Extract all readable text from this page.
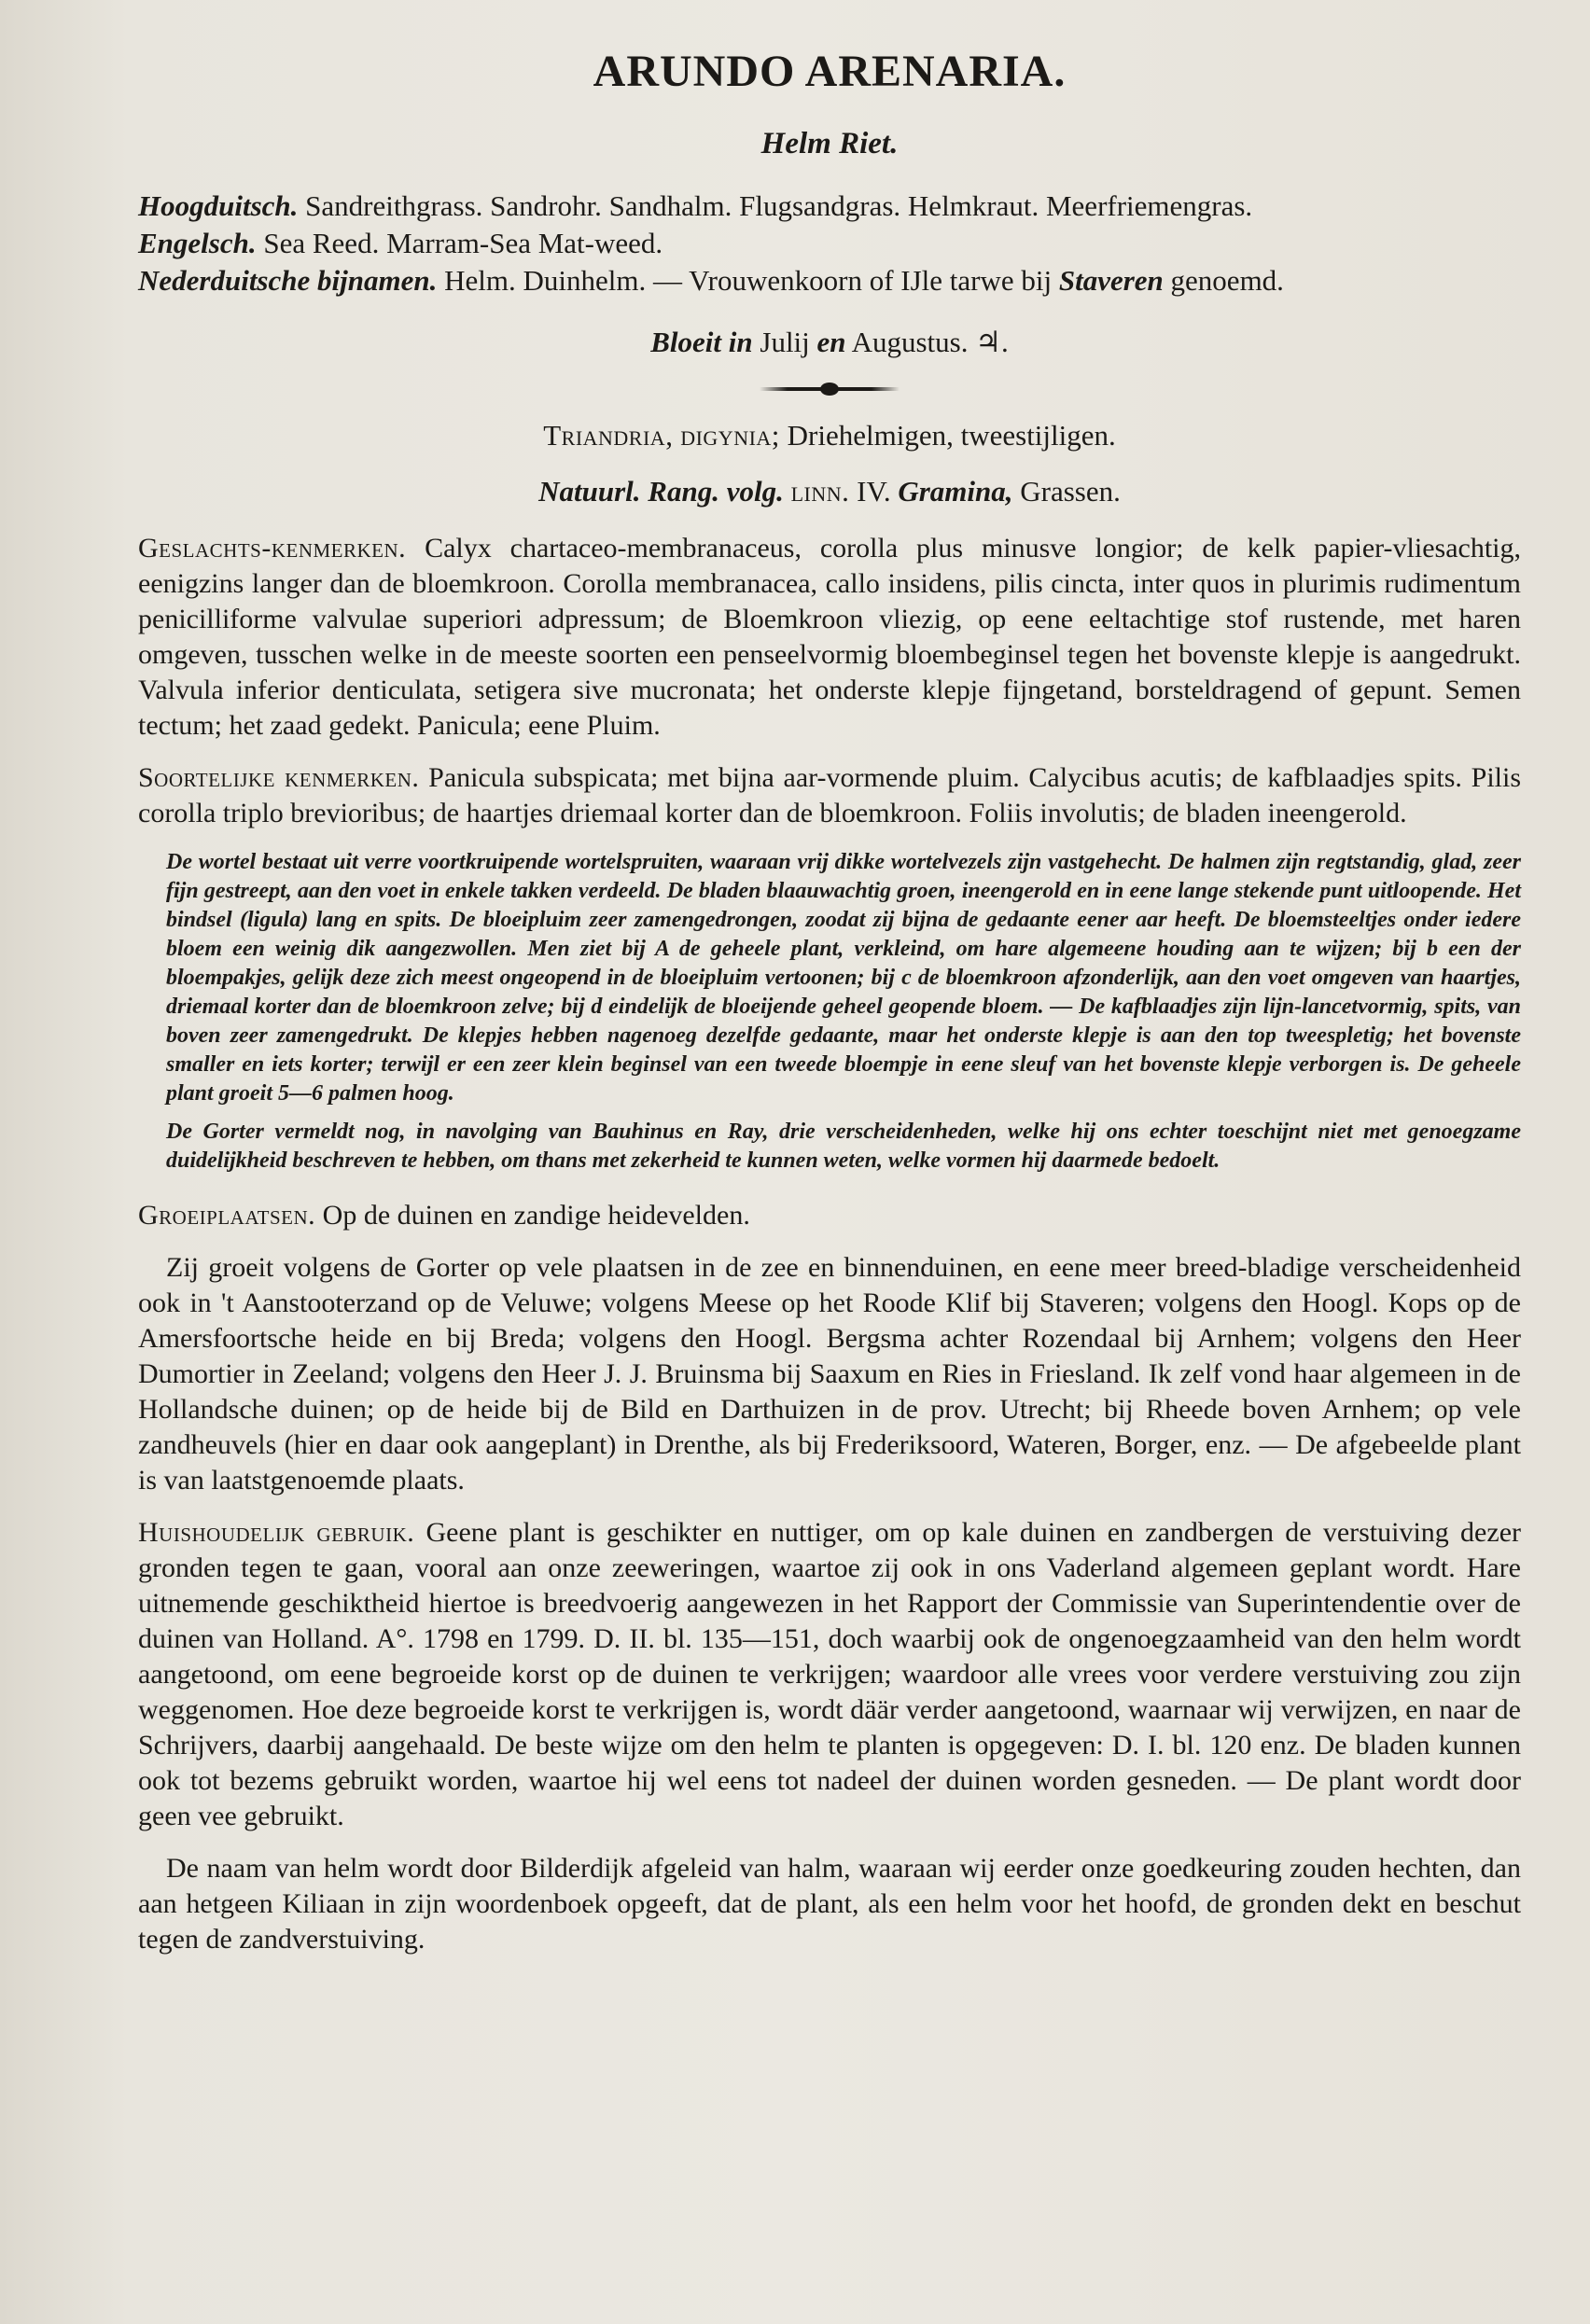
ARUNDO ARENARIA.
Helm Riet.
Hoogduitsch. Sandreithgrass. Sandrohr. Sandhalm. Flugsandgras. Helmkraut. Meerfriemengras.
Engelsch. Sea Reed. Marram-Sea Mat-weed.
Nederduitsche bijnamen. Helm. Duinhelm. — Vrouwenkoorn of IJle tarwe bij Staveren genoemd.
Bloeit in Julij en Augustus. ♃.
Triandria, digynia; Driehelmigen, tweestijligen.
Natuurl. Rang. volg. linn. IV. Gramina, Grassen.

Geslachts-kenmerken. Calyx chartaceo-membranaceus, corolla plus minusve longior; de kelk papier-vliesachtig, eenigzins langer dan de bloemkroon. Corolla membranacea, callo insidens, pilis cincta, inter quos in plurimis rudimentum penicilliforme valvulae superiori adpressum; de Bloemkroon vliezig, op eene eeltachtige stof rustende, met haren omgeven, tusschen welke in de meeste soorten een penseelvormig bloembeginsel tegen het bovenste klepje is aangedrukt. Valvula inferior denticulata, setigera sive mucronata; het onderste klepje fijngetand, borsteldragend of gepunt. Semen tectum; het zaad gedekt. Panicula; eene Pluim.

Soortelijke kenmerken. Panicula subspicata; met bijna aar-vormende pluim. Calycibus acutis; de kafblaadjes spits. Pilis corolla triplo brevioribus; de haartjes driemaal korter dan de bloemkroon. Foliis involutis; de bladen ineengerold.

De wortel bestaat uit verre voortkruipende wortelspruiten, waaraan vrij dikke wortelvezels zijn vastgehecht. De halmen zijn regtstandig, glad, zeer fijn gestreept, aan den voet in enkele takken verdeeld. De bladen blaauwachtig groen, ineengerold en in eene lange stekende punt uitloopende. Het bindsel (ligula) lang en spits. De bloeipluim zeer zamengedrongen, zoodat zij bijna de gedaante eener aar heeft. De bloemsteeltjes onder iedere bloem een weinig dik aangezwollen. Men ziet bij A de geheele plant, verkleind, om hare algemeene houding aan te wijzen; bij b een der bloempakjes, gelijk deze zich meest ongeopend in de bloeipluim vertoonen; bij c de bloemkroon afzonderlijk, aan den voet omgeven van haartjes, driemaal korter dan de bloemkroon zelve; bij d eindelijk de bloeijende geheel geopende bloem. — De kafblaadjes zijn lijn-lancetvormig, spits, van boven zeer zamengedrukt. De klepjes hebben nagenoeg dezelfde gedaante, maar het onderste klepje is aan den top tweespletig; het bovenste smaller en iets korter; terwijl er een zeer klein beginsel van een tweede bloempje in eene sleuf van het bovenste klepje verborgen is. De geheele plant groeit 5—6 palmen hoog.

De Gorter vermeldt nog, in navolging van Bauhinus en Ray, drie verscheidenheden, welke hij ons echter toeschijnt niet met genoegzame duidelijkheid beschreven te hebben, om thans met zekerheid te kunnen weten, welke vormen hij daarmede bedoelt.

Groeiplaatsen. Op de duinen en zandige heidevelden.

Zij groeit volgens de Gorter op vele plaatsen in de zee en binnenduinen, en eene meer breed-bladige verscheidenheid ook in 't Aanstooterzand op de Veluwe; volgens Meese op het Roode Klif bij Staveren; volgens den Hoogl. Kops op de Amersfoortsche heide en bij Breda; volgens den Hoogl. Bergsma achter Rozendaal bij Arnhem; volgens den Heer Dumortier in Zeeland; volgens den Heer J. J. Bruinsma bij Saaxum en Ries in Friesland. Ik zelf vond haar algemeen in de Hollandsche duinen; op de heide bij de Bild en Darthuizen in de prov. Utrecht; bij Rheede boven Arnhem; op vele zandheuvels (hier en daar ook aangeplant) in Drenthe, als bij Frederiksoord, Wateren, Borger, enz. — De afgebeelde plant is van laatstgenoemde plaats.

Huishoudelijk gebruik. Geene plant is geschikter en nuttiger, om op kale duinen en zandbergen de verstuiving dezer gronden tegen te gaan, vooral aan onze zeeweringen, waartoe zij ook in ons Vaderland algemeen geplant wordt. Hare uitnemende geschiktheid hiertoe is breedvoerig aangewezen in het Rapport der Commissie van Superintendentie over de duinen van Holland. A°. 1798 en 1799. D. II. bl. 135—151, doch waarbij ook de ongenoegzaamheid van den helm wordt aangetoond, om eene begroeide korst op de duinen te verkrijgen; waardoor alle vrees voor verdere verstuiving zou zijn weggenomen. Hoe deze begroeide korst te verkrijgen is, wordt däär verder aangetoond, waarnaar wij verwijzen, en naar de Schrijvers, daarbij aangehaald. De beste wijze om den helm te planten is opgegeven: D. I. bl. 120 enz. De bladen kunnen ook tot bezems gebruikt worden, waartoe hij wel eens tot nadeel der duinen worden gesneden. — De plant wordt door geen vee gebruikt.

De naam van helm wordt door Bilderdijk afgeleid van halm, waaraan wij eerder onze goedkeuring zouden hechten, dan aan hetgeen Kiliaan in zijn woordenboek opgeeft, dat de plant, als een helm voor het hoofd, de gronden dekt en beschut tegen de zandverstuiving.
